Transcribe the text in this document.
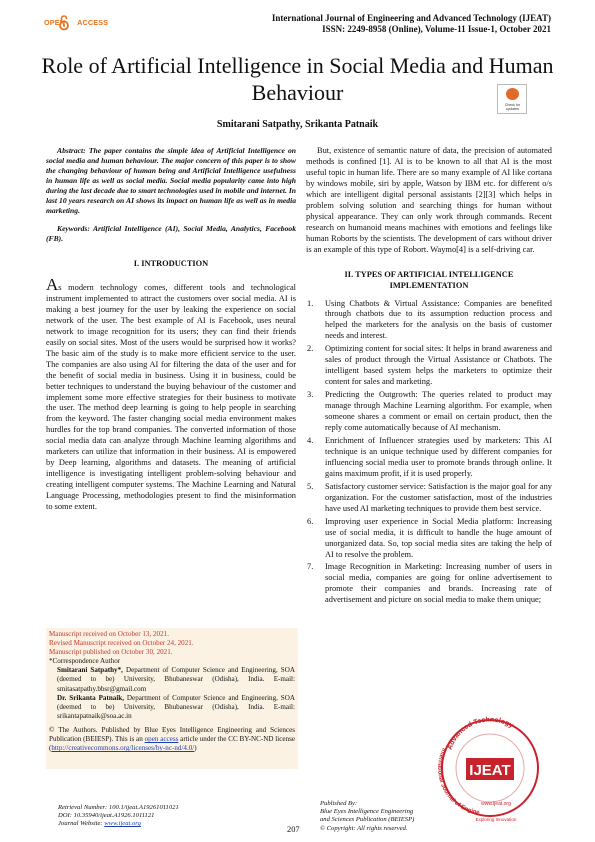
OPEN ACCESS	International Journal of Engineering and Advanced Technology (IJEAT)
ISSN: 2249-8958 (Online), Volume-11 Issue-1, October 2021
Role of Artificial Intelligence in Social Media and Human Behaviour	Check for updates
Smitarani Satpathy, Srikanta Patnaik

Abstract: The paper contains the simple idea of Artificial Intelligence on social media and human behaviour. The major concern of this paper is to show the changing behaviour of human being and Artificial Intelligence usefulness in human life as well as social media. Social media popularity came into high during the last decade due to smart technologies used in mobile and internet. In last 10 years research on AI shows its impact on human life as well as in media marketing.

Keywords: Artificial Intelligence (AI), Social Media, Analytics, Facebook (FB).

I. INTRODUCTION

As modern technology comes, different tools and technological instrument implemented to attract the customers over social media. AI is making a best journey for the user by leaking the experience on social network of the user. The best example of AI is Facebook, uses neural network to image recognition for its users; they can find their friends easily on social sites. Most of the users would be surprised how it works? The basic aim of the study is to make more efficient service to the user. The companies are also using AI for filtering the data of the user and for the benefit of social media in business. Using it in business, could be better techniques to understand the buying behaviour of the customer and implement some more effective strategies for their business to motivate the user. The method deep learning is going to help people in searching from the keyword. The faster changing social media environment makes hurdles for the top brand companies. The converted information of those social media data can analyze through Machine learning algorithms and marketers can utilize that information in their business. AI is empowered by Deep learning, algorithms and datasets. The meaning of artificial intelligence is investigating intelligent problem-solving behaviour and creating intelligent computer systems. The Machine Learning and Natural Language Processing, methodologies present to find the misinformation to some extent.

Manuscript received on October 13, 2021.
Revised Manuscript received on October 24, 2021.
Manuscript published on October 30, 2021.
*Correspondence Author
Smitarani Satpathy*, Department of Computer Science and Engineering, SOA (deemed to be) University, Bhubaneswar (Odisha), India. E-mail: smitasatpathy.bbsr@gmail.com
Dr. Srikanta Patnaik, Department of Computer Science and Engineering, SOA (deemed to be) University, Bhubaneswar (Odisha), India. E-mail: srikantapatnaik@soa.ac.in
© The Authors. Published by Blue Eyes Intelligence Engineering and Sciences Publication (BEIESP). This is an open access article under the CC BY-NC-ND license (http://creativecommons.org/licenses/by-nc-nd/4.0/)

But, existence of semantic nature of data, the precision of automated methods is confined [1]. AI is to be known to all that AI is the most useful topic in human life. There are so many example of AI like cortana by windows mobile, siri by apple, Watson by IBM etc. for different o/s which are intelligent digital personal assistants [2][3] which helps in problem solving solution and searching things for human without physical appearance. They can only work through commands. Recent research on humanoid means machines with emotions and feelings like human Roborts by the scientists. The development of cars without driver is an example of this type of Robort. Waymo[4] is a self-driving car.

II. TYPES OF ARTIFICIAL INTELLIGENCE
IMPLEMENTATION
1. Using Chatbots & Virtual Assistance: Companies are benefited through chatbots due to its assumption reduction process and helped the marketers for the analysis on the basis of customer needs and interest.
2. Optimizing content for social sites: It helps in brand awareness and sales of product through the Virtual Assistance or Chatbots. The intelligent based system helps the marketers to optimize their content for sales and marketing.
3. Predicting the Outgrowth: The queries related to product may manage through Machine Learning algorithm. For example, when someone shares a comment or email on certain product, then the reply come automatically because of AI mechanism.
4. Enrichment of Influencer strategies used by marketers: This AI technique is an unique technique used by different companies for influencing social media user to promote brands through online. It gains maximum profit, if it is used properly.
5. Satisfactory customer service: Satisfaction is the major goal for any organization. For the customer satisfaction, most of the industries have used AI marketing techniques to provide them best service.
6. Improving user experience in Social Media platform: Increasing use of social media, it is difficult to handle the huge amount of unorganized data. So, top social media sites are taking the help of AI to resolve the problem.
7. Image Recognition in Marketing: Increasing number of users in social media, companies are going for online advertisement to promote their companies and brands. Increasing rate of advertisement and picture on social media to make them unique;
Advanced Technology
International Journal of Engine
IJEAT
www.ijeat.org
Exploring Innovation
Retrieval Number: 100.1/ijeat.A19261011021
DOI: 10.35940/ijeat.A1926.1011121
Journal Website: www.ijeat.org
207
Published By:
Blue Eyes Intelligence Engineering
and Sciences Publication (BEIESP)
© Copyright: All rights reserved.
